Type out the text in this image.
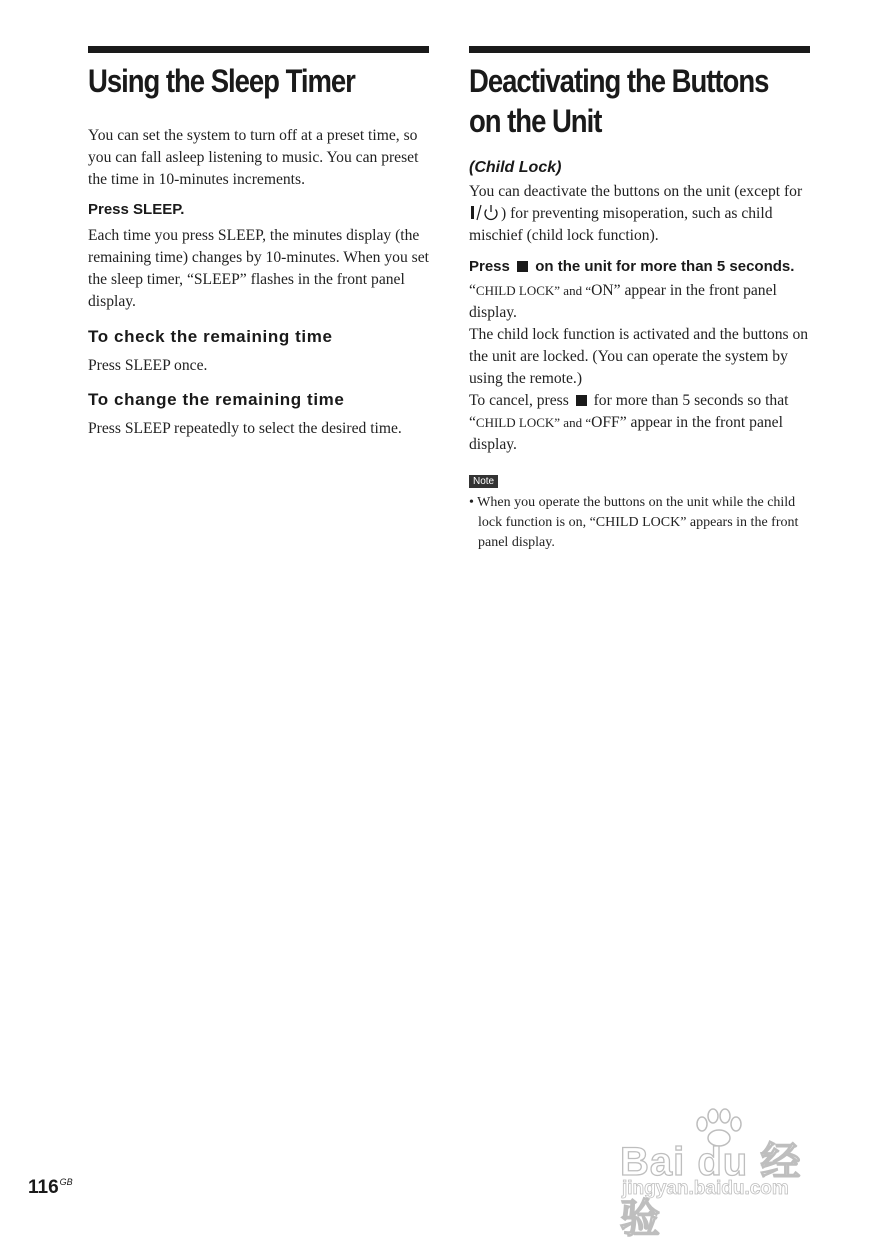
Using the Sleep Timer

You can set the system to turn off at a preset time, so you can fall asleep listening to music. You can preset the time in 10-minutes increments.

Press SLEEP.

Each time you press SLEEP, the minutes display (the remaining time) changes by 10-minutes. When you set the sleep timer, “SLEEP” flashes in the front panel display.

To check the remaining time

Press SLEEP once.

To change the remaining time

Press SLEEP repeatedly to select the desired time.

Deactivating the Buttons
on the Unit
(Child Lock)

You can deactivate the buttons on the unit (except for ) for preventing misoperation, such as child mischief (child lock function).

Press on the unit for more than 5 seconds.

“CHILD LOCK” and “ON” appear in the front panel display.

The child lock function is activated and the buttons on the unit are locked. (You can operate the system by using the remote.)

To cancel, press for more than 5 seconds so that “CHILD LOCK” and “OFF” appear in the front panel display.

Note
• When you operate the buttons on the unit while the child lock function is on, “CHILD LOCK” appears in the front panel display.
$116^{GB}$	Bai du 经验
jingyan.baidu.com
